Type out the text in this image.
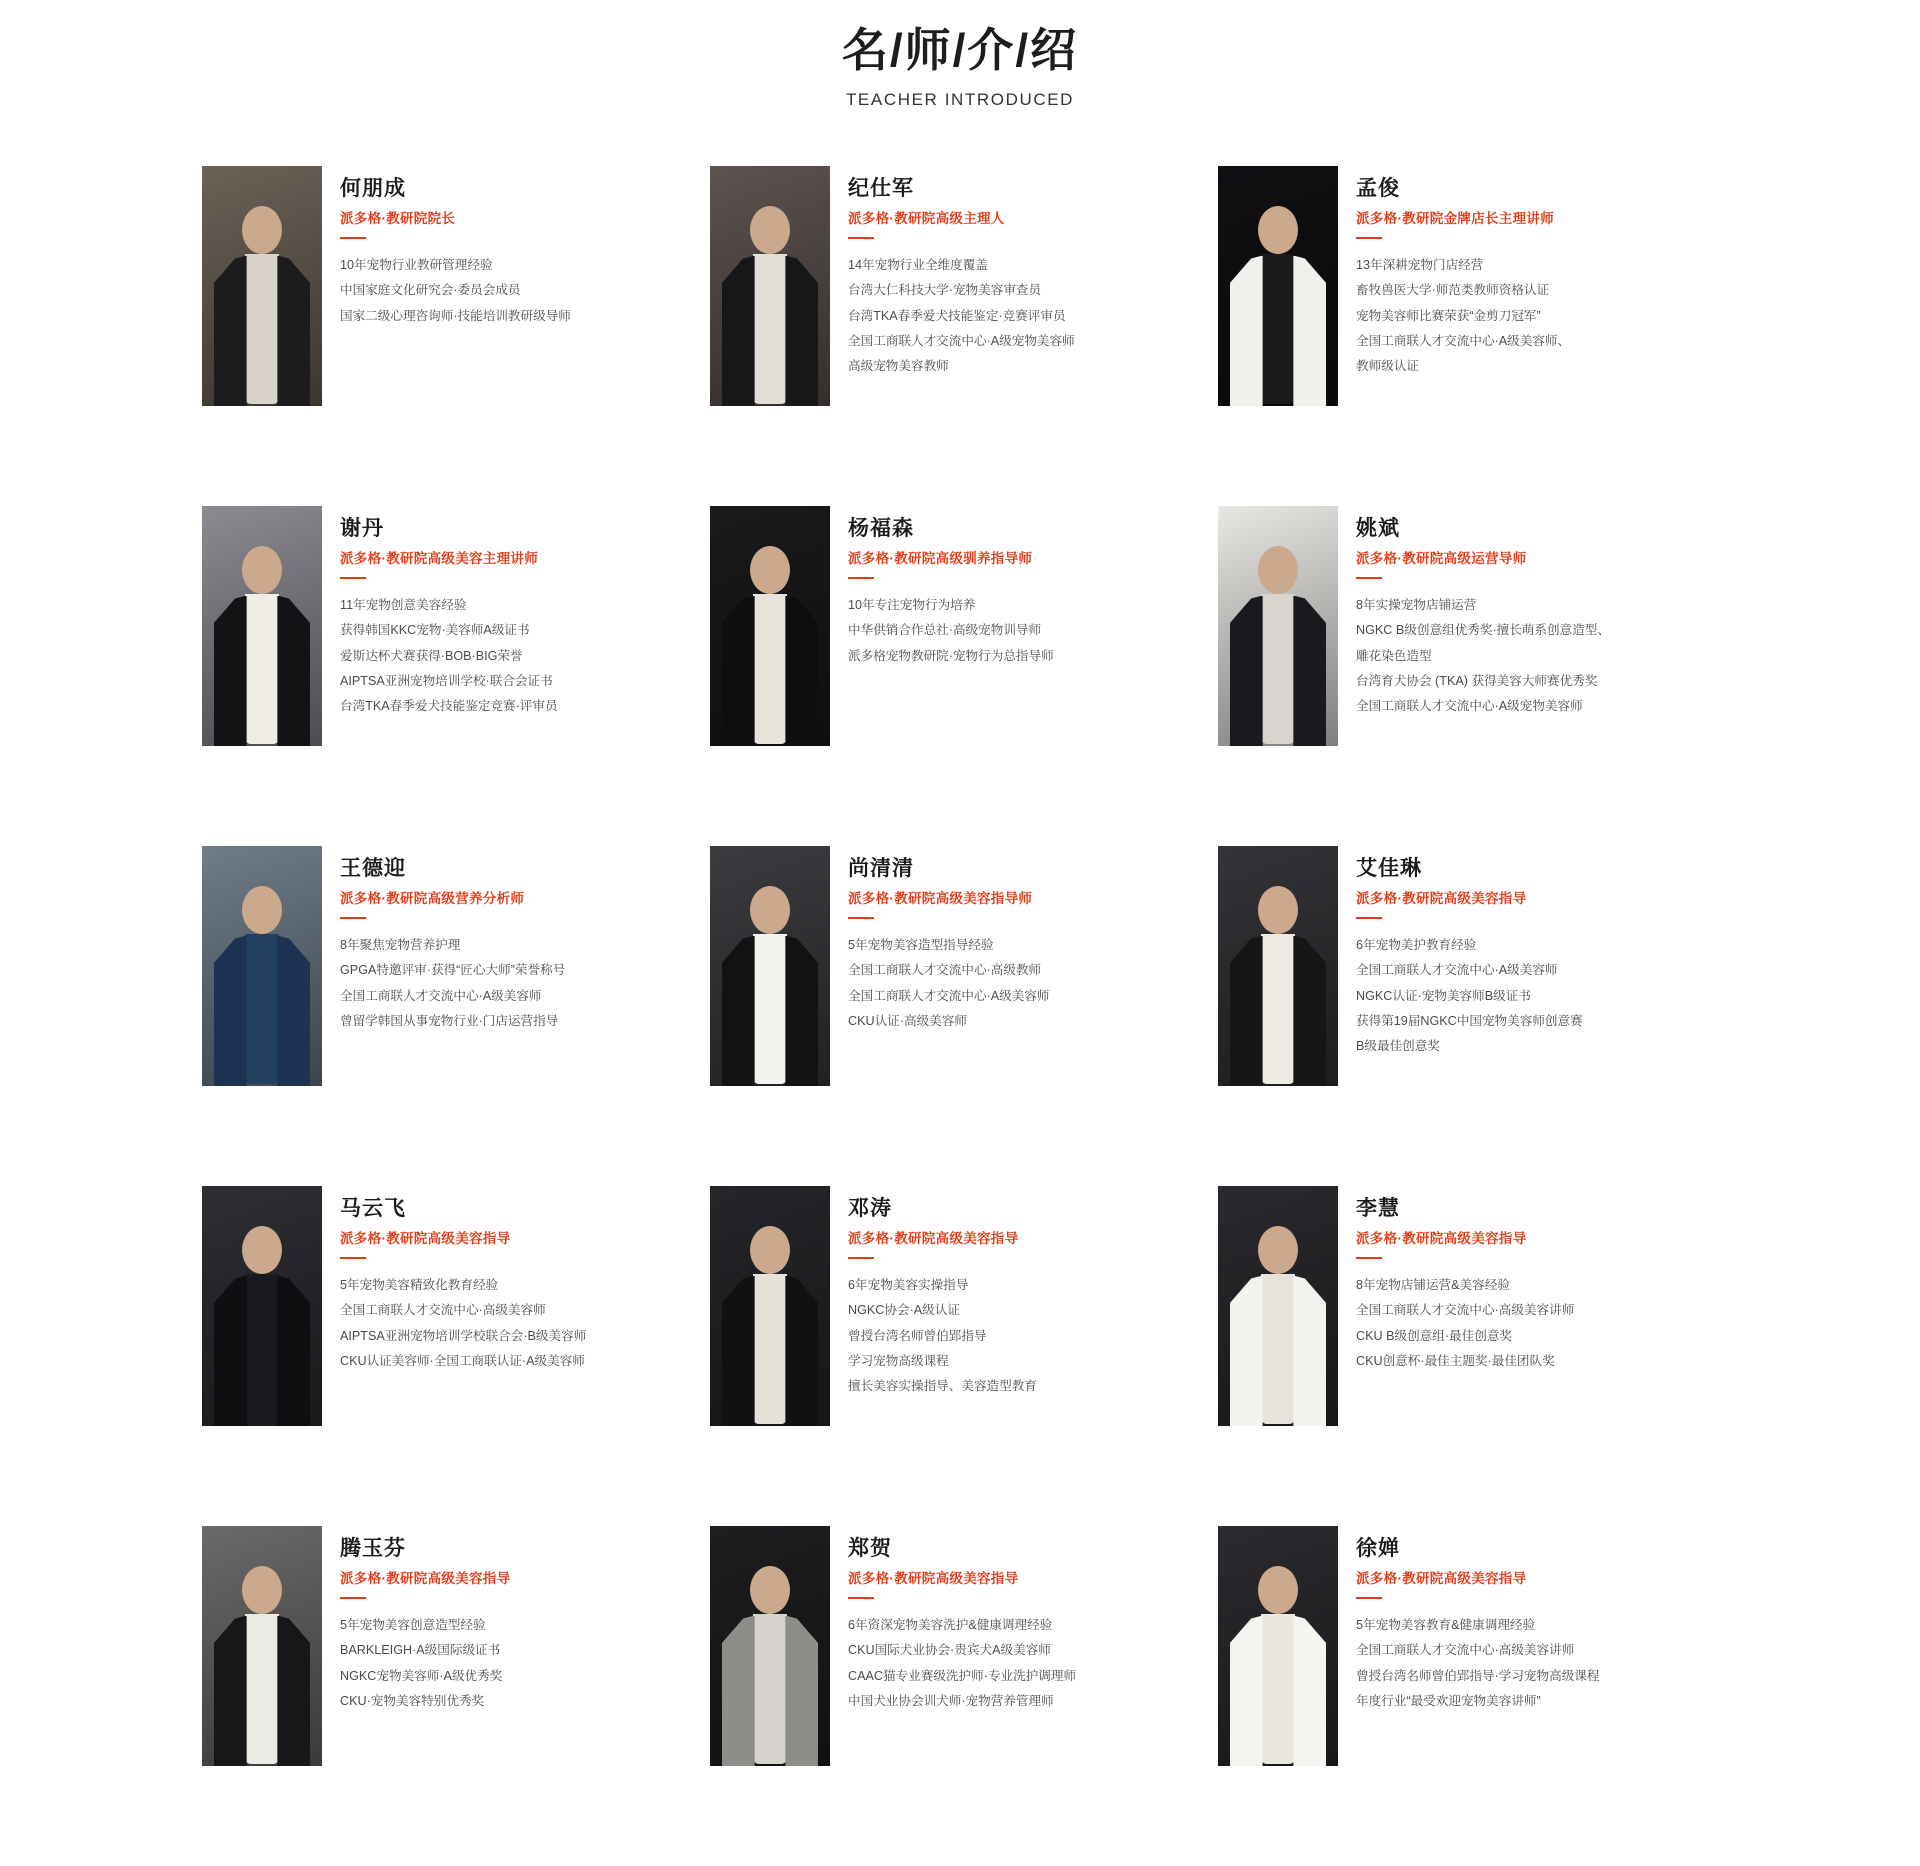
名/师/介/绍
TEACHER INTRODUCED
何朋成
派多格·教研院院长
10年宠物行业教研管理经验
中国家庭文化研究会·委员会成员
国家二级心理咨询师·技能培训教研级导师
纪仕军
派多格·教研院高级主理人
14年宠物行业全维度覆盖
台湾大仁科技大学·宠物美容审查员
台湾TKA春季爱犬技能鉴定·竞赛评审员
全国工商联人才交流中心·A级宠物美容师
高级宠物美容教师
孟俊
派多格·教研院金牌店长主理讲师
13年深耕宠物门店经营
畜牧兽医大学·师范类教师资格认证
宠物美容师比赛荣获“金剪刀冠军”
全国工商联人才交流中心·A级美容师、
教师级认证
谢丹
派多格·教研院高级美容主理讲师
11年宠物创意美容经验
获得韩国KKC宠物·美容师A级证书
爱斯达杯犬赛获得·BOB·BIG荣誉
AIPTSA亚洲宠物培训学校·联合会证书
台湾TKA春季爱犬技能鉴定竞赛·评审员
杨福森
派多格·教研院高级驯养指导师
10年专注宠物行为培养
中华供销合作总社·高级宠物训导师
派多格宠物教研院·宠物行为总指导师
姚斌
派多格·教研院高级运营导师
8年实操宠物店铺运营
NGKC B级创意组优秀奖·擅长萌系创意造型、
雕花染色造型
台湾育犬协会 (TKA) 获得美容大师赛优秀奖
全国工商联人才交流中心·A级宠物美容师
王德迎
派多格·教研院高级营养分析师
8年聚焦宠物营养护理
GPGA特邀评审·获得“匠心大师”荣誉称号
全国工商联人才交流中心·A级美容师
曾留学韩国从事宠物行业·门店运营指导
尚清清
派多格·教研院高级美容指导师
5年宠物美容造型指导经验
全国工商联人才交流中心·高级教师
全国工商联人才交流中心·A级美容师
CKU认证·高级美容师
艾佳琳
派多格·教研院高级美容指导
6年宠物美护教育经验
全国工商联人才交流中心·A级美容师
NGKC认证·宠物美容师B级证书
获得第19届NGKC中国宠物美容师创意赛
B级最佳创意奖
马云飞
派多格·教研院高级美容指导
5年宠物美容精致化教育经验
全国工商联人才交流中心·高级美容师
AIPTSA亚洲宠物培训学校联合会·B级美容师
CKU认证美容师·全国工商联认证·A级美容师
邓涛
派多格·教研院高级美容指导
6年宠物美容实操指导
NGKC协会·A级认证
曾授台湾名师曾伯郢指导
学习宠物高级课程
擅长美容实操指导、美容造型教育
李慧
派多格·教研院高级美容指导
8年宠物店铺运营&美容经验
全国工商联人才交流中心·高级美容讲师
CKU B级创意组·最佳创意奖
CKU创意杯·最佳主题奖·最佳团队奖
腾玉芬
派多格·教研院高级美容指导
5年宠物美容创意造型经验
BARKLEIGH·A级国际级证书
NGKC宠物美容师·A级优秀奖
CKU·宠物美容特别优秀奖
郑贺
派多格·教研院高级美容指导
6年资深宠物美容洗护&健康调理经验
CKU国际犬业协会·贵宾犬A级美容师
CAAC猫专业赛级洗护师·专业洗护调理师
中国犬业协会训犬师·宠物营养管理师
徐婵
派多格·教研院高级美容指导
5年宠物美容教育&健康调理经验
全国工商联人才交流中心·高级美容讲师
曾授台湾名师曾伯郢指导·学习宠物高级课程
年度行业“最受欢迎宠物美容讲师”
